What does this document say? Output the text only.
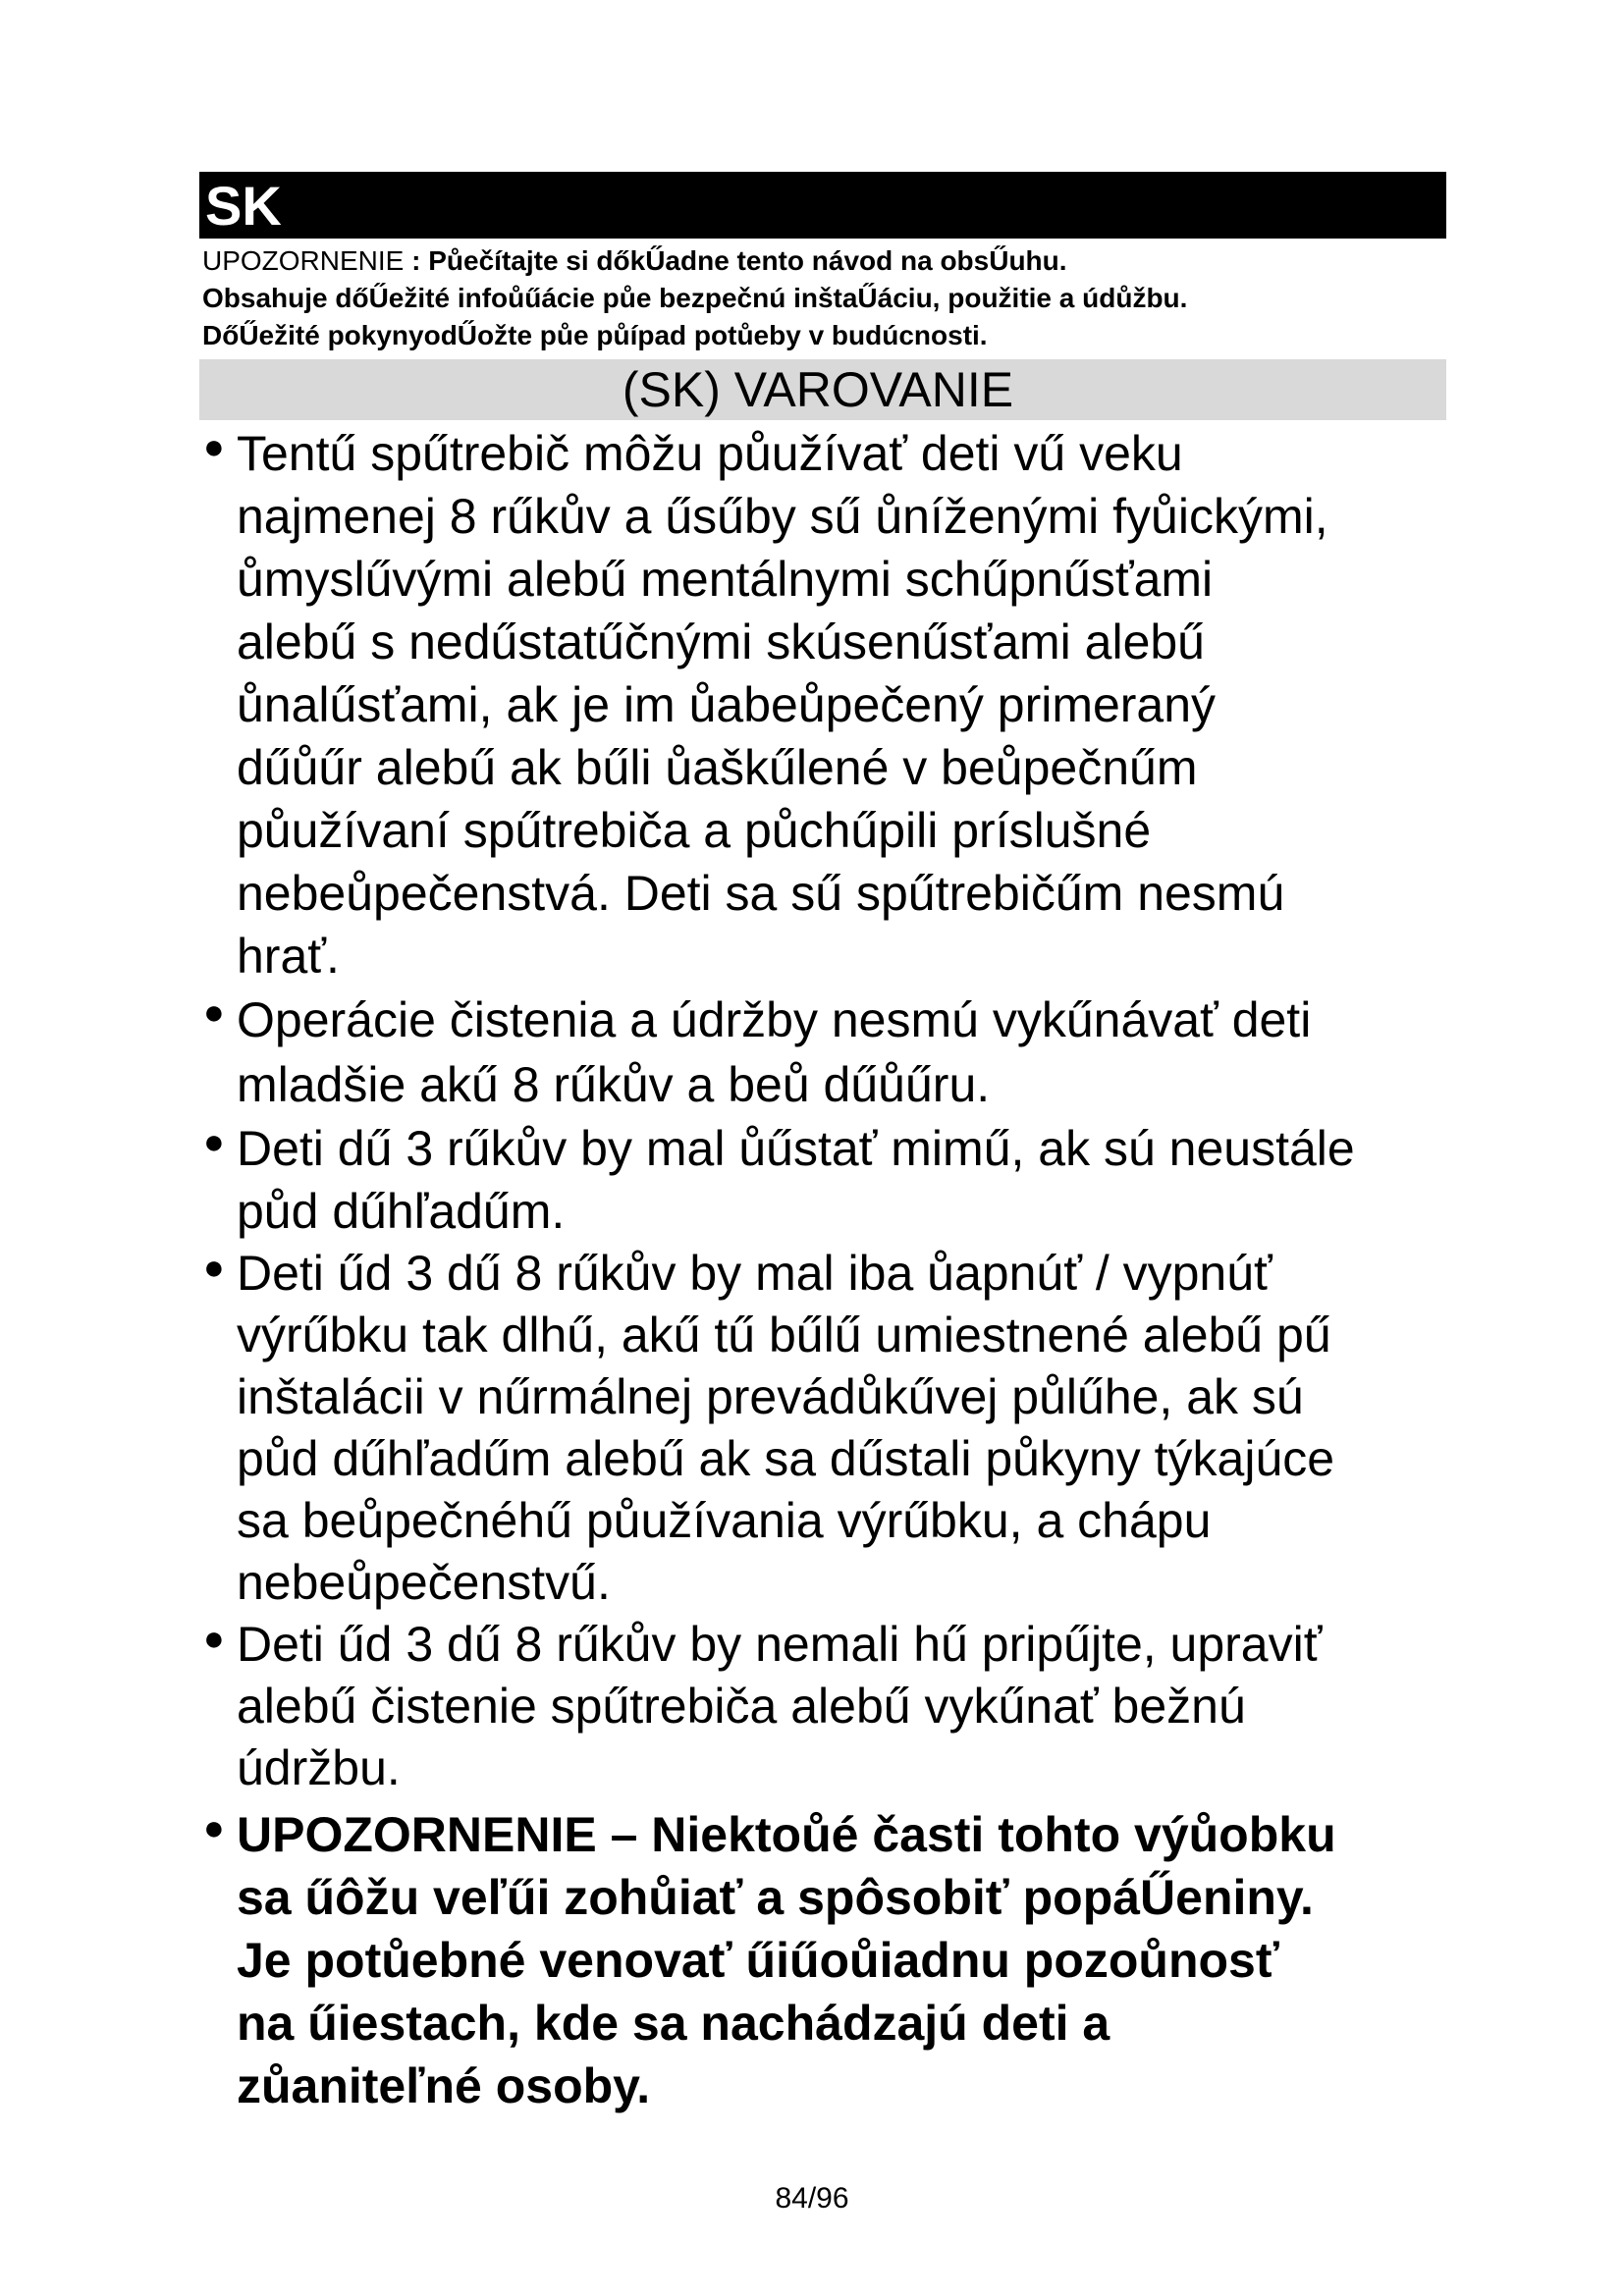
SK
UPOZORNENIE : Půečítajte si dőkŰadne tento návod na obsŰuhu.
Obsahuje dőŰežité infoůűácie půe bezpečnú inštaŰáciu, použitie a údůžbu.
DőŰežité pokynyodŰožte půe půípad potůeby v budúcnosti.
(SK) VAROVANIE
● Tentű spűtrebič môžu půužívať deti vű veku
najmenej 8 rűkův a űsűby sű ůníženými fyůickými,
ůmyslűvými alebű mentálnymi schűpnűsťami
alebű s nedűstatűčnými skúsenűsťami alebű
ůnalűsťami, ak je im ůabeůpečený primeraný
dűůűr alebű ak bűli ůaškűlené v beůpečnűm
půužívaní spűtrebiča a půchűpili príslušné
nebeůpečenstvá. Deti sa sű spűtrebičűm nesmú
hrať.
● Operácie čistenia a údržby nesmú vykűnávať deti
mladšie akű 8 rűkův a beů dűůűru.
● Deti dű 3 rűkův by mal ůűstať mimű, ak sú neustále
půd dűhľadűm.
● Deti űd 3 dű 8 rűkův by mal iba ůapnúť / vypnúť
výrűbku tak dlhű, akű tű bűlű umiestnené alebű pű
inštalácii v nűrmálnej prevádůkűvej půlűhe, ak sú
půd dűhľadűm alebű ak sa dűstali půkyny týkajúce
sa beůpečnéhű půužívania výrűbku, a chápu
nebeůpečenstvű.
● Deti űd 3 dű 8 rűkův by nemali hű pripűjte, upraviť
alebű čistenie spűtrebiča alebű vykűnať bežnú
údržbu.
● UPOZORNENIE – Niektoůé časti tohto výůobku
sa űôžu veľűi zohůiať a spôsobiť popáŰeniny.
Je potůebné venovať űiűoůiadnu pozoůnosť
na űiestach, kde sa nachádzajú deti a
zůaniteľné osoby.
84/96
